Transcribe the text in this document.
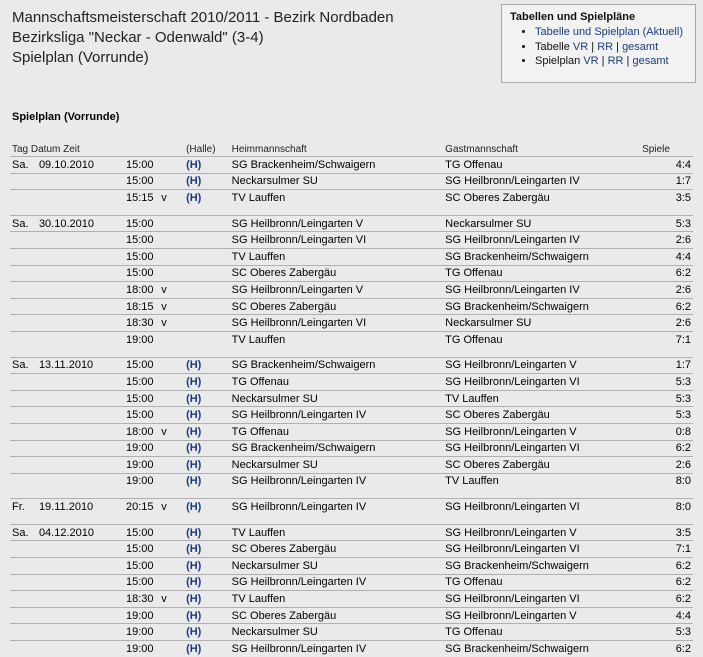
Mannschaftsmeisterschaft 2010/2011 - Bezirk Nordbaden
Bezirksliga "Neckar - Odenwald" (3-4)
Spielplan (Vorrunde)
Tabellen und Spielpläne
• Tabelle und Spielplan (Aktuell)
• Tabelle VR | RR | gesamt
• Spielplan VR | RR | gesamt
Spielplan (Vorrunde)
Tag Datum Zeit				(Halle)	Heimmannschaft	Gastmannschaft	Spiele
Sa.	09.10.2010	15:00		(H)	SG Brackenheim/Schwaigern	TG Offenau	4:4
		15:00		(H)	Neckarsulmer SU	SG Heilbronn/Leingarten IV	1:7
		15:15	v	(H)	TV Lauffen	SC Oberes Zabergäu	3:5

Sa.	30.10.2010	15:00			SG Heilbronn/Leingarten V	Neckarsulmer SU	5:3
		15:00			SG Heilbronn/Leingarten VI	SG Heilbronn/Leingarten IV	2:6
		15:00			TV Lauffen	SG Brackenheim/Schwaigern	4:4
		15:00			SC Oberes Zabergäu	TG Offenau	6:2
		18:00	v		SG Heilbronn/Leingarten V	SG Heilbronn/Leingarten IV	2:6
		18:15	v		SC Oberes Zabergäu	SG Brackenheim/Schwaigern	6:2
		18:30	v		SG Heilbronn/Leingarten VI	Neckarsulmer SU	2:6
		19:00			TV Lauffen	TG Offenau	7:1

Sa.	13.11.2010	15:00		(H)	SG Brackenheim/Schwaigern	SG Heilbronn/Leingarten V	1:7
		15:00		(H)	TG Offenau	SG Heilbronn/Leingarten VI	5:3
		15:00		(H)	Neckarsulmer SU	TV Lauffen	5:3
		15:00		(H)	SG Heilbronn/Leingarten IV	SC Oberes Zabergäu	5:3
		18:00	v	(H)	TG Offenau	SG Heilbronn/Leingarten V	0:8
		19:00		(H)	SG Brackenheim/Schwaigern	SG Heilbronn/Leingarten VI	6:2
		19:00		(H)	Neckarsulmer SU	SC Oberes Zabergäu	2:6
		19:00		(H)	SG Heilbronn/Leingarten IV	TV Lauffen	8:0

Fr.	19.11.2010	20:15	v	(H)	SG Heilbronn/Leingarten IV	SG Heilbronn/Leingarten VI	8:0

Sa.	04.12.2010	15:00		(H)	TV Lauffen	SG Heilbronn/Leingarten V	3:5
		15:00		(H)	SC Oberes Zabergäu	SG Heilbronn/Leingarten VI	7:1
		15:00		(H)	Neckarsulmer SU	SG Brackenheim/Schwaigern	6:2
		15:00		(H)	SG Heilbronn/Leingarten IV	TG Offenau	6:2
		18:30	v	(H)	TV Lauffen	SG Heilbronn/Leingarten VI	6:2
		19:00		(H)	SC Oberes Zabergäu	SG Heilbronn/Leingarten V	4:4
		19:00		(H)	Neckarsulmer SU	TG Offenau	5:3
		19:00		(H)	SG Heilbronn/Leingarten IV	SG Brackenheim/Schwaigern	6:2
